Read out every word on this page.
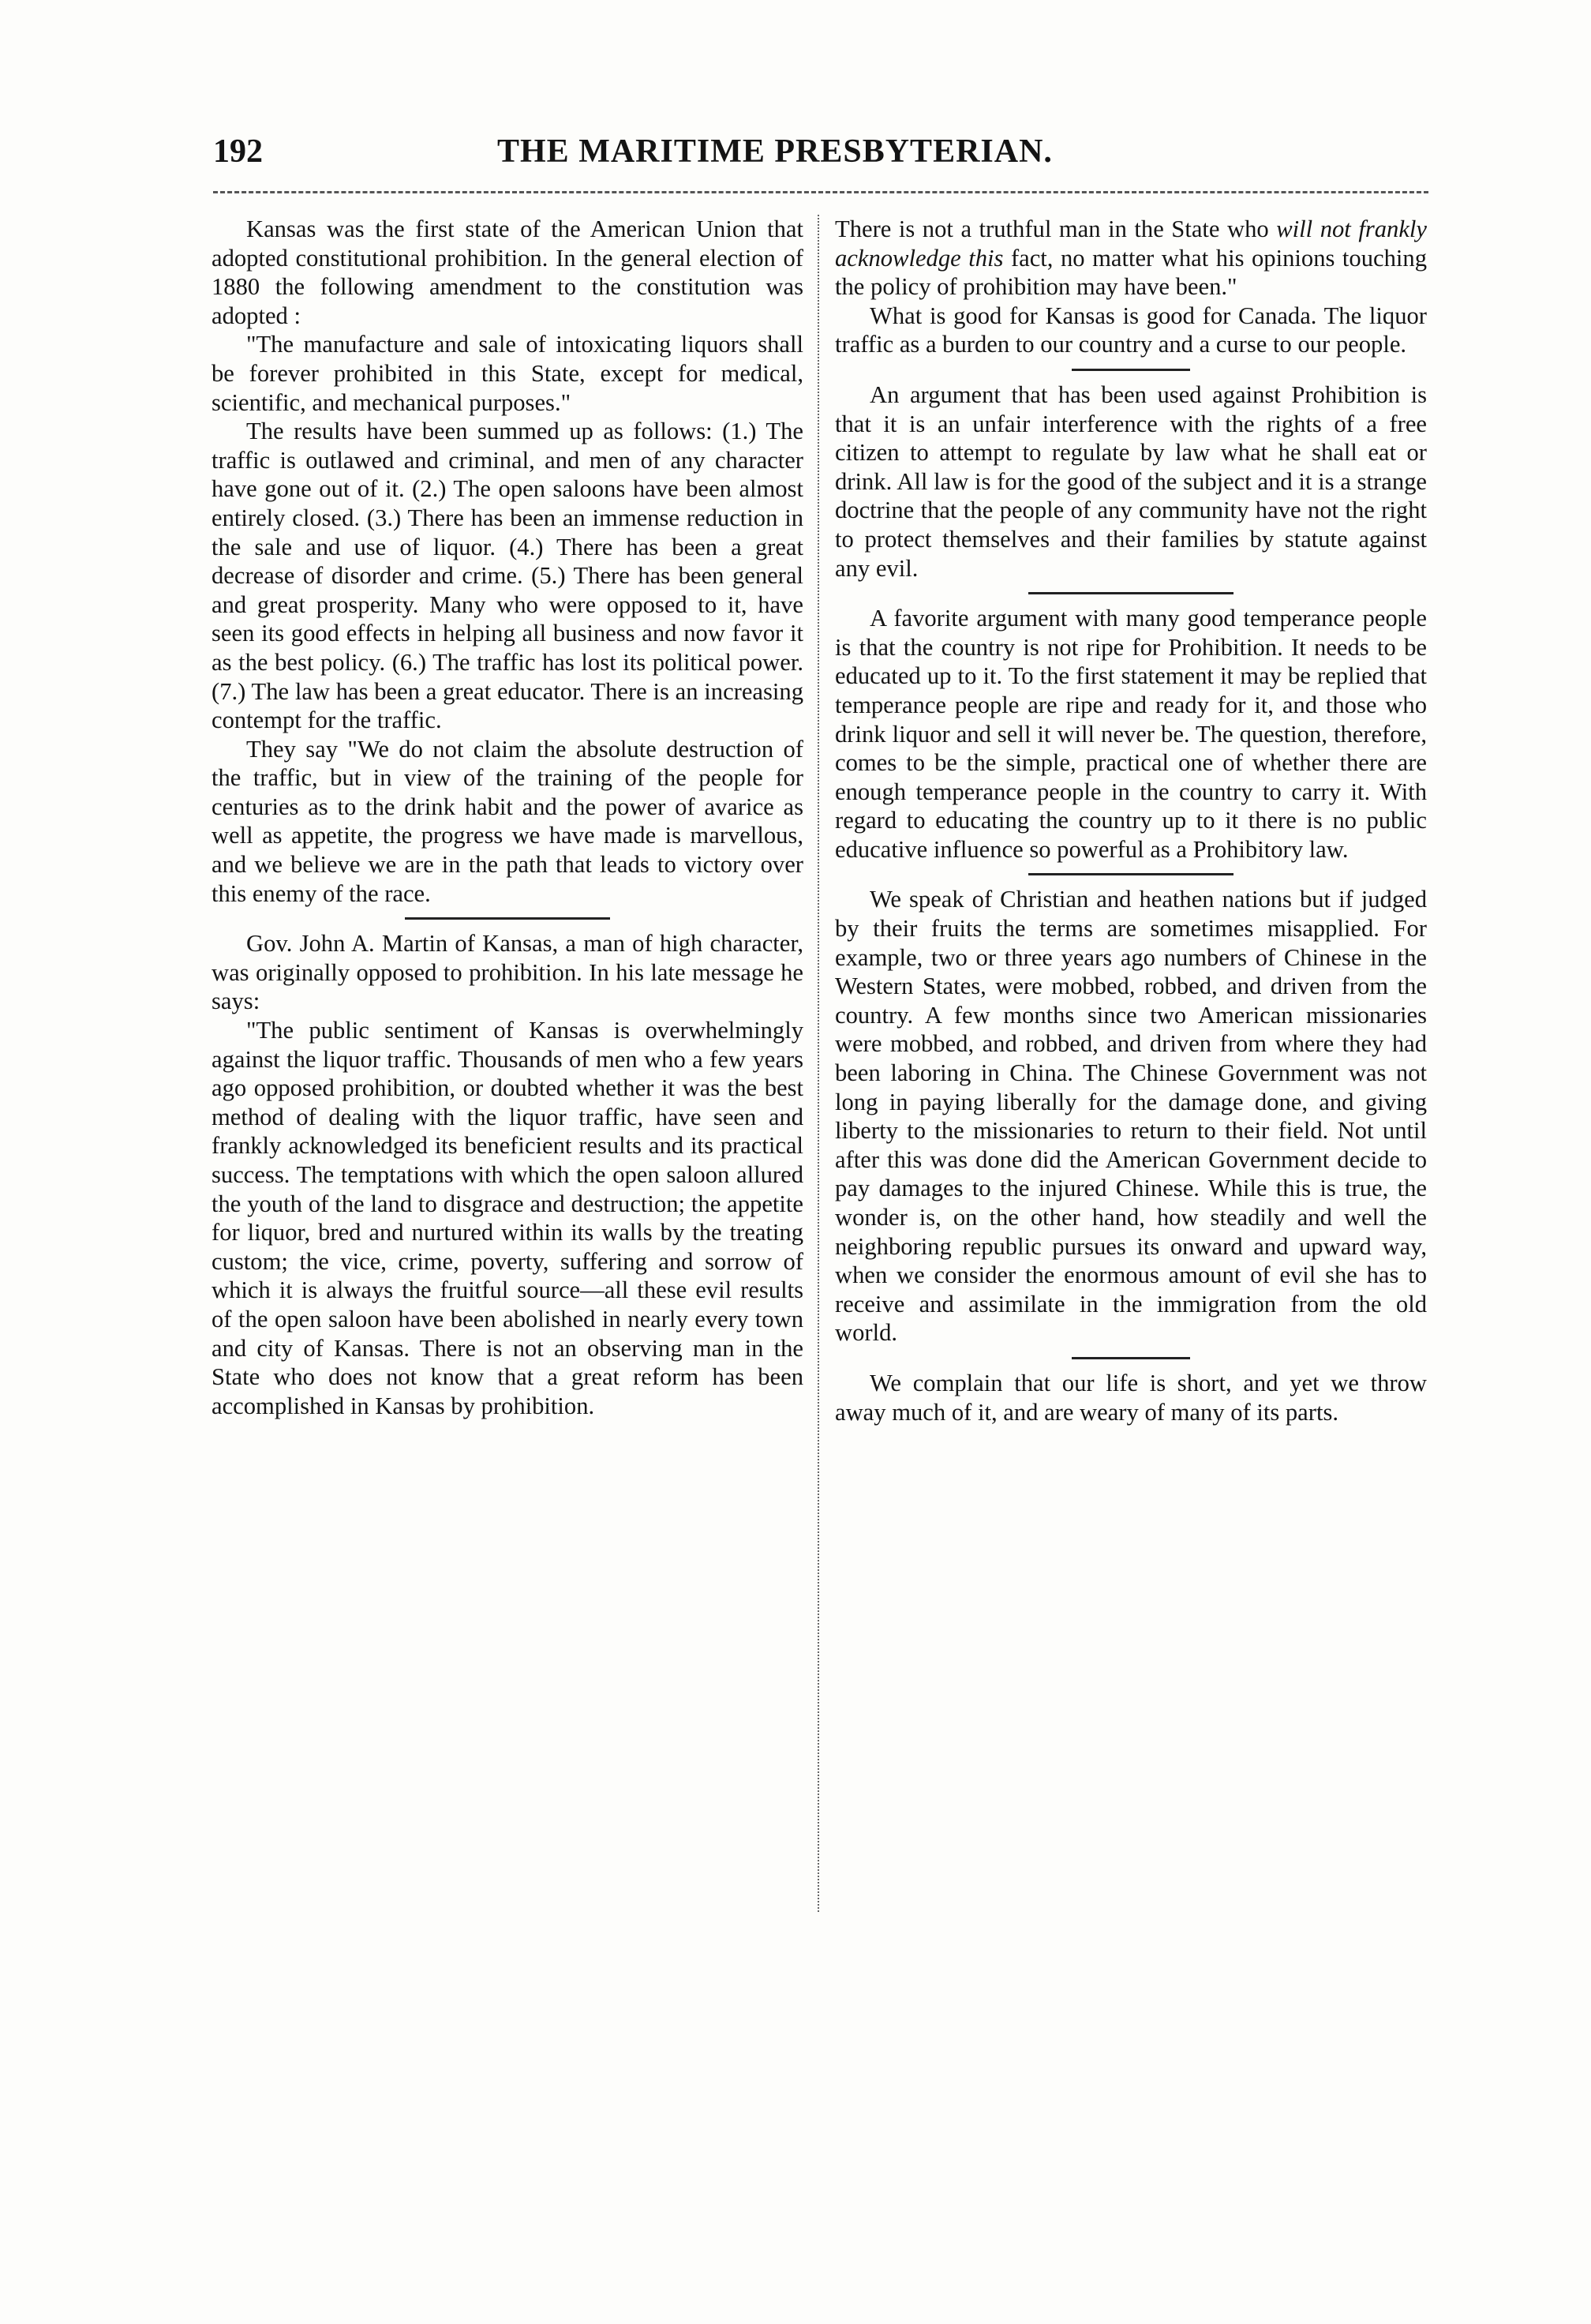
192	THE MARITIME PRESBYTERIAN.

Kansas was the first state of the American Union that adopted constitutional prohibition. In the general election of 1880 the following amendment to the constitution was adopted :

"The manufacture and sale of intoxicating liquors shall be forever prohibited in this State, except for medical, scientific, and mechanical purposes."

The results have been summed up as follows: (1.) The traffic is outlawed and criminal, and men of any character have gone out of it. (2.) The open saloons have been almost entirely closed. (3.) There has been an immense reduction in the sale and use of liquor. (4.) There has been a great decrease of disorder and crime. (5.) There has been general and great prosperity. Many who were opposed to it, have seen its good effects in helping all business and now favor it as the best policy. (6.) The traffic has lost its political power. (7.) The law has been a great educator. There is an increasing contempt for the traffic.

They say "We do not claim the absolute destruction of the traffic, but in view of the training of the people for centuries as to the drink habit and the power of avarice as well as appetite, the progress we have made is marvellous, and we believe we are in the path that leads to victory over this enemy of the race.

Gov. John A. Martin of Kansas, a man of high character, was originally opposed to prohibition. In his late message he says:

"The public sentiment of Kansas is overwhelmingly against the liquor traffic. Thousands of men who a few years ago opposed prohibition, or doubted whether it was the best method of dealing with the liquor traffic, have seen and frankly acknowledged its beneficient results and its practical success. The temptations with which the open saloon allured the youth of the land to disgrace and destruction; the appetite for liquor, bred and nurtured within its walls by the treating custom; the vice, crime, poverty, suffering and sorrow of which it is always the fruitful source—all these evil results of the open saloon have been abolished in nearly every town and city of Kansas. There is not an observing man in the State who does not know that a great reform has been accomplished in Kansas by prohibition.

There is not a truthful man in the State who will not frankly acknowledge this fact, no matter what his opinions touching the policy of prohibition may have been."

What is good for Kansas is good for Canada. The liquor traffic as a burden to our country and a curse to our people.

An argument that has been used against Prohibition is that it is an unfair interference with the rights of a free citizen to attempt to regulate by law what he shall eat or drink. All law is for the good of the subject and it is a strange doctrine that the people of any community have not the right to protect themselves and their families by statute against any evil.

A favorite argument with many good temperance people is that the country is not ripe for Prohibition. It needs to be educated up to it. To the first statement it may be replied that temperance people are ripe and ready for it, and those who drink liquor and sell it will never be. The question, therefore, comes to be the simple, practical one of whether there are enough temperance people in the country to carry it. With regard to educating the country up to it there is no public educative influence so powerful as a Prohibitory law.

We speak of Christian and heathen nations but if judged by their fruits the terms are sometimes misapplied. For example, two or three years ago numbers of Chinese in the Western States, were mobbed, robbed, and driven from the country. A few months since two American missionaries were mobbed, and robbed, and driven from where they had been laboring in China. The Chinese Government was not long in paying liberally for the damage done, and giving liberty to the missionaries to return to their field. Not until after this was done did the American Government decide to pay damages to the injured Chinese. While this is true, the wonder is, on the other hand, how steadily and well the neighboring republic pursues its onward and upward way, when we consider the enormous amount of evil she has to receive and assimilate in the immigration from the old world.

We complain that our life is short, and yet we throw away much of it, and are weary of many of its parts.
